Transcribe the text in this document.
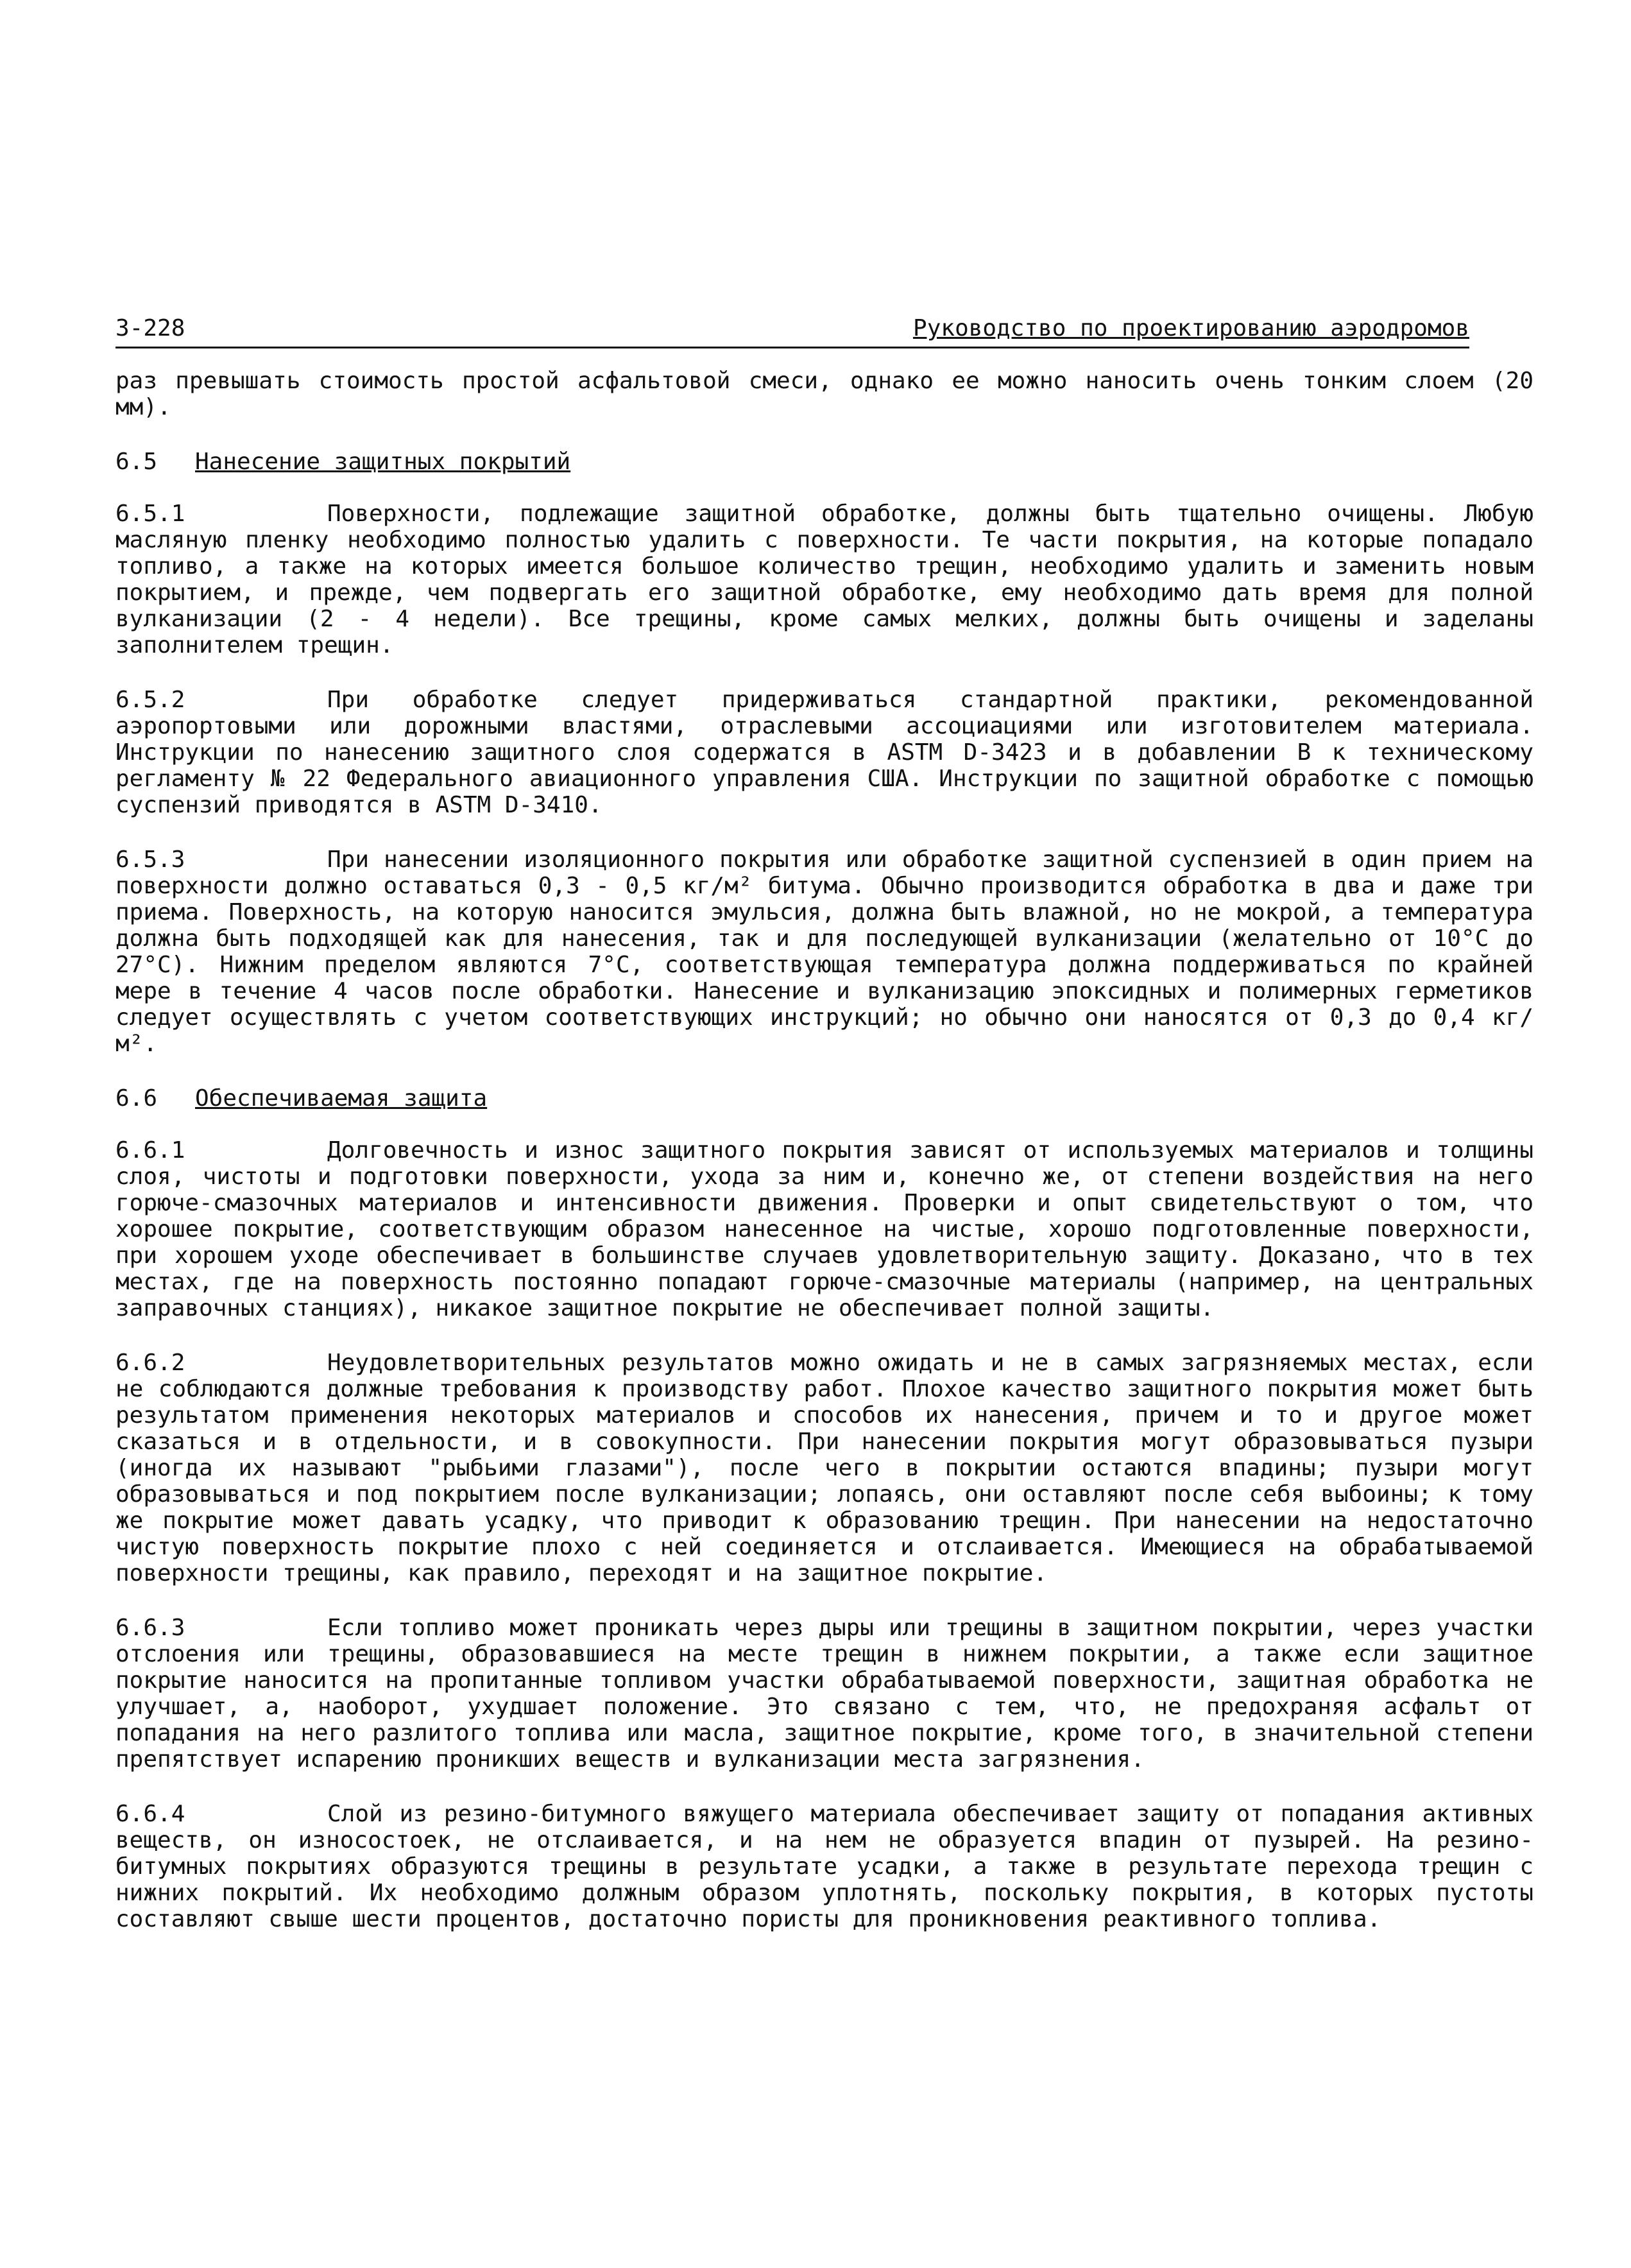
3-228	Руководство по проектированию аэродромов

раз превышать стоимость простой асфальтовой смеси, однако ее можно наносить очень тонким слоем (20 мм).

6.5 Нанесение защитных покрытий

6.5.1	Поверхности, подлежащие защитной обработке, должны быть тщательно очищены. Любую масляную пленку необходимо полностью удалить с поверхности. Те части покрытия, на которые попадало топливо, а также на которых имеется большое количество трещин, необходимо удалить и заменить новым покрытием, и прежде, чем подвергать его защитной обработке, ему необходимо дать время для полной вулканизации (2 - 4 недели). Все трещины, кроме самых мелких, должны быть очищены и заделаны заполнителем трещин.

6.5.2	При обработке следует придерживаться стандартной практики, рекомендованной аэропортовыми или дорожными властями, отраслевыми ассоциациями или изготовителем материала. Инструкции по нанесению защитного слоя содержатся в ASTM D-3423 и в добавлении B к техническому регламенту № 22 Федерального авиационного управления США. Инструкции по защитной обработке с помощью суспензий приводятся в ASTM D-3410.

6.5.3	При нанесении изоляционного покрытия или обработке защитной суспензией в один прием на поверхности должно оставаться 0,3 - 0,5 кг/м² битума. Обычно производится обработка в два и даже три приема. Поверхность, на которую наносится эмульсия, должна быть влажной, но не мокрой, а температура должна быть подходящей как для нанесения, так и для последующей вулканизации (желательно от 10°C до 27°C). Нижним пределом являются 7°C, соответствующая температура должна поддерживаться по крайней мере в течение 4 часов после обработки. Нанесение и вулканизацию эпоксидных и полимерных герметиков следует осуществлять с учетом соответствующих инструкций; но обычно они наносятся от 0,3 до 0,4 кг/м².

6.6 Обеспечиваемая защита

6.6.1	Долговечность и износ защитного покрытия зависят от используемых материалов и толщины слоя, чистоты и подготовки поверхности, ухода за ним и, конечно же, от степени воздействия на него горюче-смазочных материалов и интенсивности движения. Проверки и опыт свидетельствуют о том, что хорошее покрытие, соответствующим образом нанесенное на чистые, хорошо подготовленные поверхности, при хорошем уходе обеспечивает в большинстве случаев удовлетворительную защиту. Доказано, что в тех местах, где на поверхность постоянно попадают горюче-смазочные материалы (например, на центральных заправочных станциях), никакое защитное покрытие не обеспечивает полной защиты.

6.6.2	Неудовлетворительных результатов можно ожидать и не в самых загрязняемых местах, если не соблюдаются должные требования к производству работ. Плохое качество защитного покрытия может быть результатом применения некоторых материалов и способов их нанесения, причем и то и другое может сказаться и в отдельности, и в совокупности. При нанесении покрытия могут образовываться пузыри (иногда их называют "рыбьими глазами"), после чего в покрытии остаются впадины; пузыри могут образовываться и под покрытием после вулканизации; лопаясь, они оставляют после себя выбоины; к тому же покрытие может давать усадку, что приводит к образованию трещин. При нанесении на недостаточно чистую поверхность покрытие плохо с ней соединяется и отслаивается. Имеющиеся на обрабатываемой поверхности трещины, как правило, переходят и на защитное покрытие.

6.6.3	Если топливо может проникать через дыры или трещины в защитном покрытии, через участки отслоения или трещины, образовавшиеся на месте трещин в нижнем покрытии, а также если защитное покрытие наносится на пропитанные топливом участки обрабатываемой поверхности, защитная обработка не улучшает, а, наоборот, ухудшает положение. Это связано с тем, что, не предохраняя асфальт от попадания на него разлитого топлива или масла, защитное покрытие, кроме того, в значительной степени препятствует испарению проникших веществ и вулканизации места загрязнения.

6.6.4	Слой из резино-битумного вяжущего материала обеспечивает защиту от попадания активных веществ, он износостоек, не отслаивается, и на нем не образуется впадин от пузырей. На резино-битумных покрытиях образуются трещины в результате усадки, а также в результате перехода трещин с нижних покрытий. Их необходимо должным образом уплотнять, поскольку покрытия, в которых пустоты составляют свыше шести процентов, достаточно пористы для проникновения реактивного топлива.
